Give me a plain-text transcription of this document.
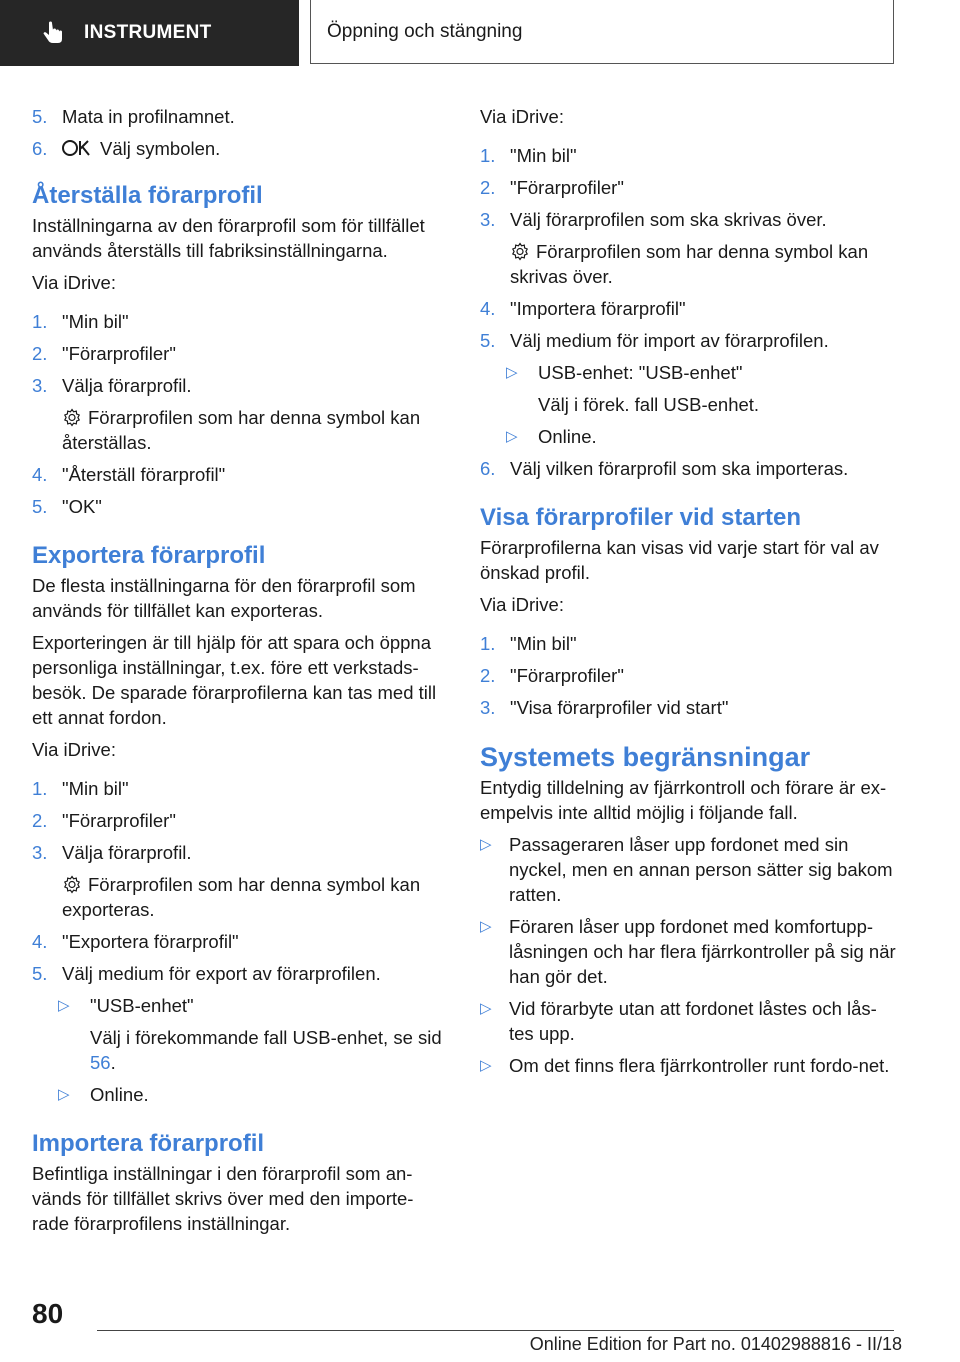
INSTRUMENT	Öppning och stängning
5. Mata in profilnamnet.
6.	Välj symbolen.
Återställa förarprofil

Inställningarna av den förarprofil som för tillfället används återställs till fabriksinställningarna.

Via iDrive:

1. "Min bil"
2. "Förarprofiler"
3. Välja förarprofil.
Förarprofilen som har denna symbol kan återställas.
4. "Återställ förarprofil"
5. "OK"
Exportera förarprofil

De flesta inställningarna för den förarprofil som används för tillfället kan exporteras.

Exporteringen är till hjälp för att spara och öppna personliga inställningar, t.ex. före ett verkstads-besök. De sparade förarprofilerna kan tas med till ett annat fordon.

Via iDrive:

1. "Min bil"
2. "Förarprofiler"
3. Välja förarprofil.
Förarprofilen som har denna symbol kan exporteras.
4. "Exportera förarprofil"
5. Välj medium för export av förarprofilen.
▷ "USB-enhet"
Välj i förekommande fall USB-enhet, se sid 56.
▷ Online.
Importera förarprofil

Befintliga inställningar i den förarprofil som an-vänds för tillfället skrivs över med den importe-rade förarprofilens inställningar.

Via iDrive:

1. "Min bil"
2. "Förarprofiler"
3. Välj förarprofilen som ska skrivas över.
Förarprofilen som har denna symbol kan skrivas över.
4. "Importera förarprofil"
5. Välj medium för import av förarprofilen.
▷ USB-enhet: "USB-enhet"
Välj i förek. fall USB-enhet.
▷ Online.
6. Välj vilken förarprofil som ska importeras.
Visa förarprofiler vid starten

Förarprofilerna kan visas vid varje start för val av önskad profil.

Via iDrive:

1. "Min bil"
2. "Förarprofiler"
3. "Visa förarprofiler vid start"
Systemets begränsningar

Entydig tilldelning av fjärrkontroll och förare är ex-empelvis inte alltid möjlig i följande fall.

▷ Passageraren låser upp fordonet med sin nyckel, men en annan person sätter sig bakom ratten.
▷ Föraren låser upp fordonet med komfortupp-låsningen och har flera fjärrkontroller på sig när han gör det.
▷ Vid förarbyte utan att fordonet låstes och lås-tes upp.
▷ Om det finns flera fjärrkontroller runt fordo-net.
80
Online Edition for Part no. 01402988816 - II/18
